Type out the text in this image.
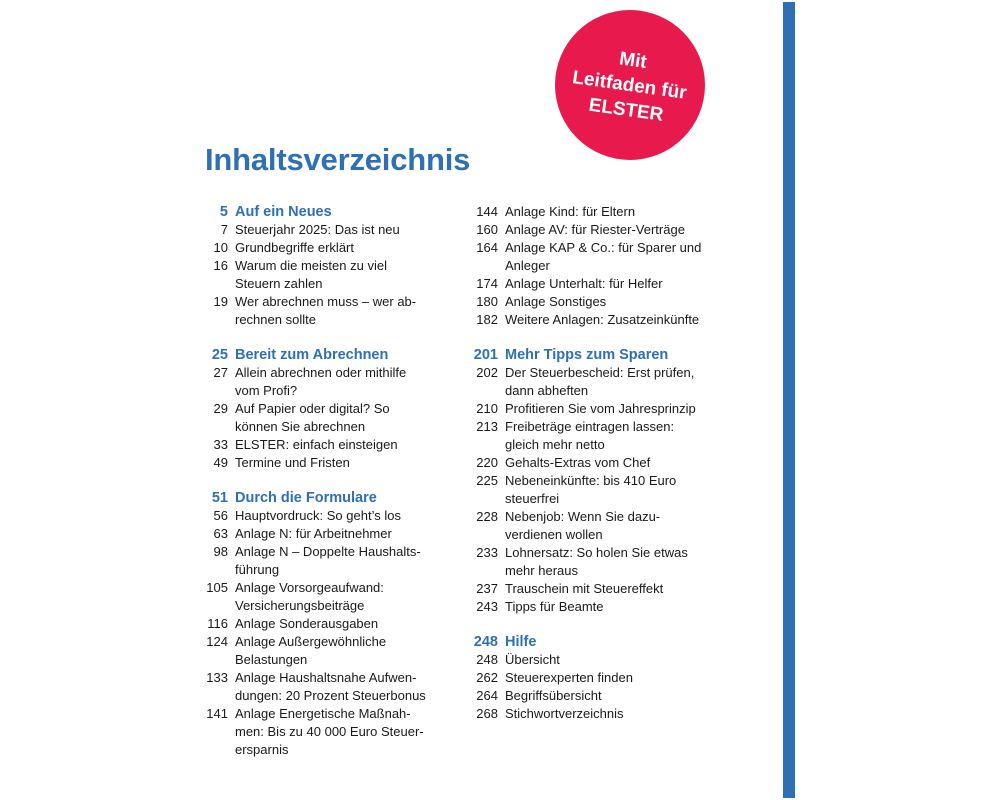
Mit
Leitfaden für
ELSTER
Inhaltsverzeichnis
5 Auf ein Neues
7 Steuerjahr 2025: Das ist neu
10 Grundbegriffe erklärt
16 Warum die meisten zu viel
Steuern zahlen
19 Wer abrechnen muss – wer ab-
rechnen sollte
25 Bereit zum Abrechnen
27 Allein abrechnen oder mithilfe
vom Profi?
29 Auf Papier oder digital? So
können Sie abrechnen
33 ELSTER: einfach einsteigen
49 Termine und Fristen
51 Durch die Formulare
56 Hauptvordruck: So geht’s los
63 Anlage N: für Arbeitnehmer
98 Anlage N – Doppelte Haushalts-
führung
105 Anlage Vorsorgeaufwand:
Versicherungsbeiträge
116 Anlage Sonderausgaben
124 Anlage Außergewöhnliche
Belastungen
133 Anlage Haushaltsnahe Aufwen-
dungen: 20 Prozent Steuerbonus
141 Anlage Energetische Maßnah-
men: Bis zu 40 000 Euro Steuer-
ersparnis
144 Anlage Kind: für Eltern
160 Anlage AV: für Riester-Verträge
164 Anlage KAP & Co.: für Sparer und
Anleger
174 Anlage Unterhalt: für Helfer
180 Anlage Sonstiges
182 Weitere Anlagen: Zusatzeinkünfte
201 Mehr Tipps zum Sparen
202 Der Steuerbescheid: Erst prüfen,
dann abheften
210 Profitieren Sie vom Jahresprinzip
213 Freibeträge eintragen lassen:
gleich mehr netto
220 Gehalts-Extras vom Chef
225 Nebeneinkünfte: bis 410 Euro
steuerfrei
228 Nebenjob: Wenn Sie dazu-
verdienen wollen
233 Lohnersatz: So holen Sie etwas
mehr heraus
237 Trauschein mit Steuereffekt
243 Tipps für Beamte
248 Hilfe
248 Übersicht
262 Steuerexperten finden
264 Begriffsübersicht
268 Stichwortverzeichnis
